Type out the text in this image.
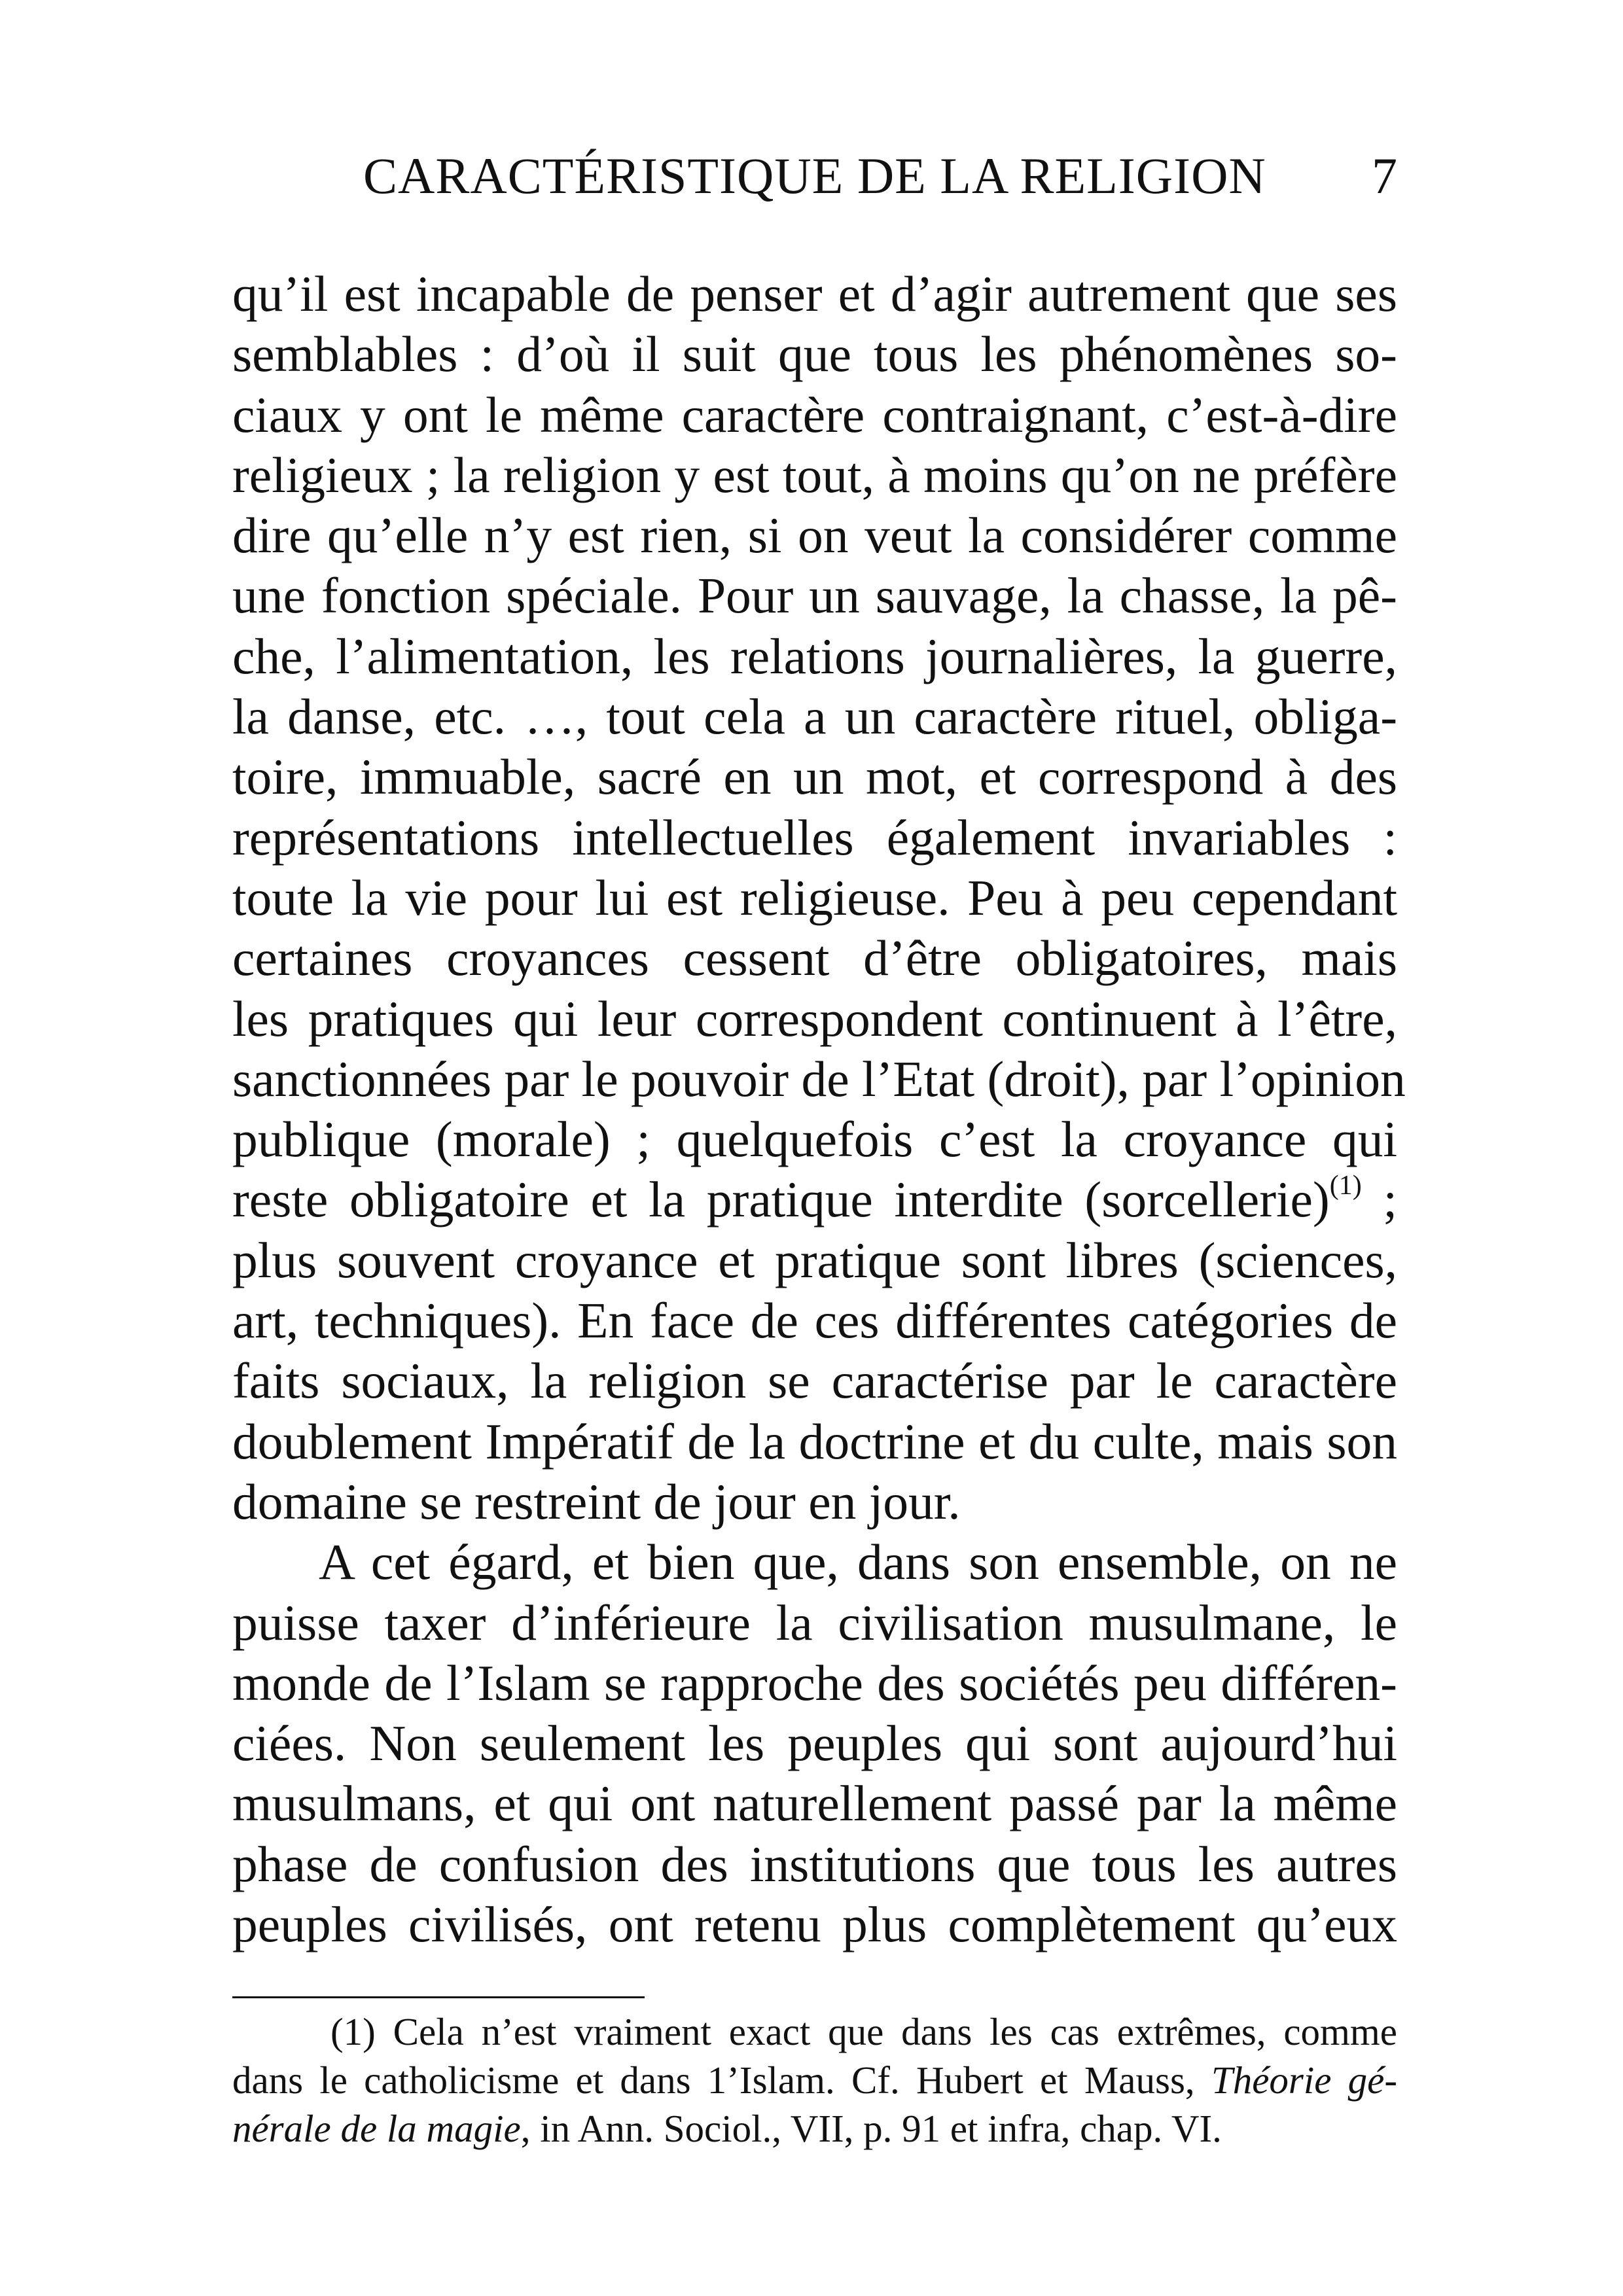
CARACTÉRISTIQUE DE LA RELIGION 7
qu’il est incapable de penser et d’agir autrement que ses
semblables : d’où il suit que tous les phénomènes so-
ciaux y ont le même caractère contraignant, c’est-à-dire
religieux ; la religion y est tout, à moins qu’on ne préfère
dire qu’elle n’y est rien, si on veut la considérer comme
une fonction spéciale. Pour un sauvage, la chasse, la pê-
che, l’alimentation, les relations journalières, la guerre,
la danse, etc. …, tout cela a un caractère rituel, obliga-
toire, immuable, sacré en un mot, et correspond à des
représentations intellectuelles également invariables :
toute la vie pour lui est religieuse. Peu à peu cependant
certaines croyances cessent d’être obligatoires, mais
les pratiques qui leur correspondent continuent à l’être,
sanctionnées par le pouvoir de l’Etat (droit), par l’opinion
publique (morale) ; quelquefois c’est la croyance qui
reste obligatoire et la pratique interdite (sorcellerie)$^{(1)}$ ;
plus souvent croyance et pratique sont libres (sciences,
art, techniques). En face de ces différentes catégories de
faits sociaux, la religion se caractérise par le caractère
doublement Impératif de la doctrine et du culte, mais son
domaine se restreint de jour en jour.
A cet égard, et bien que, dans son ensemble, on ne
puisse taxer d’inférieure la civilisation musulmane, le
monde de l’Islam se rapproche des sociétés peu différen-
ciées. Non seulement les peuples qui sont aujourd’hui
musulmans, et qui ont naturellement passé par la même
phase de confusion des institutions que tous les autres
peuples civilisés, ont retenu plus complètement qu’eux
(1) Cela n’est vraiment exact que dans les cas extrêmes, comme
dans le catholicisme et dans 1’Islam. Cf. Hubert et Mauss, Théorie gé-
nérale de la magie, in Ann. Sociol., VII, p. 91 et infra, chap. VI.
